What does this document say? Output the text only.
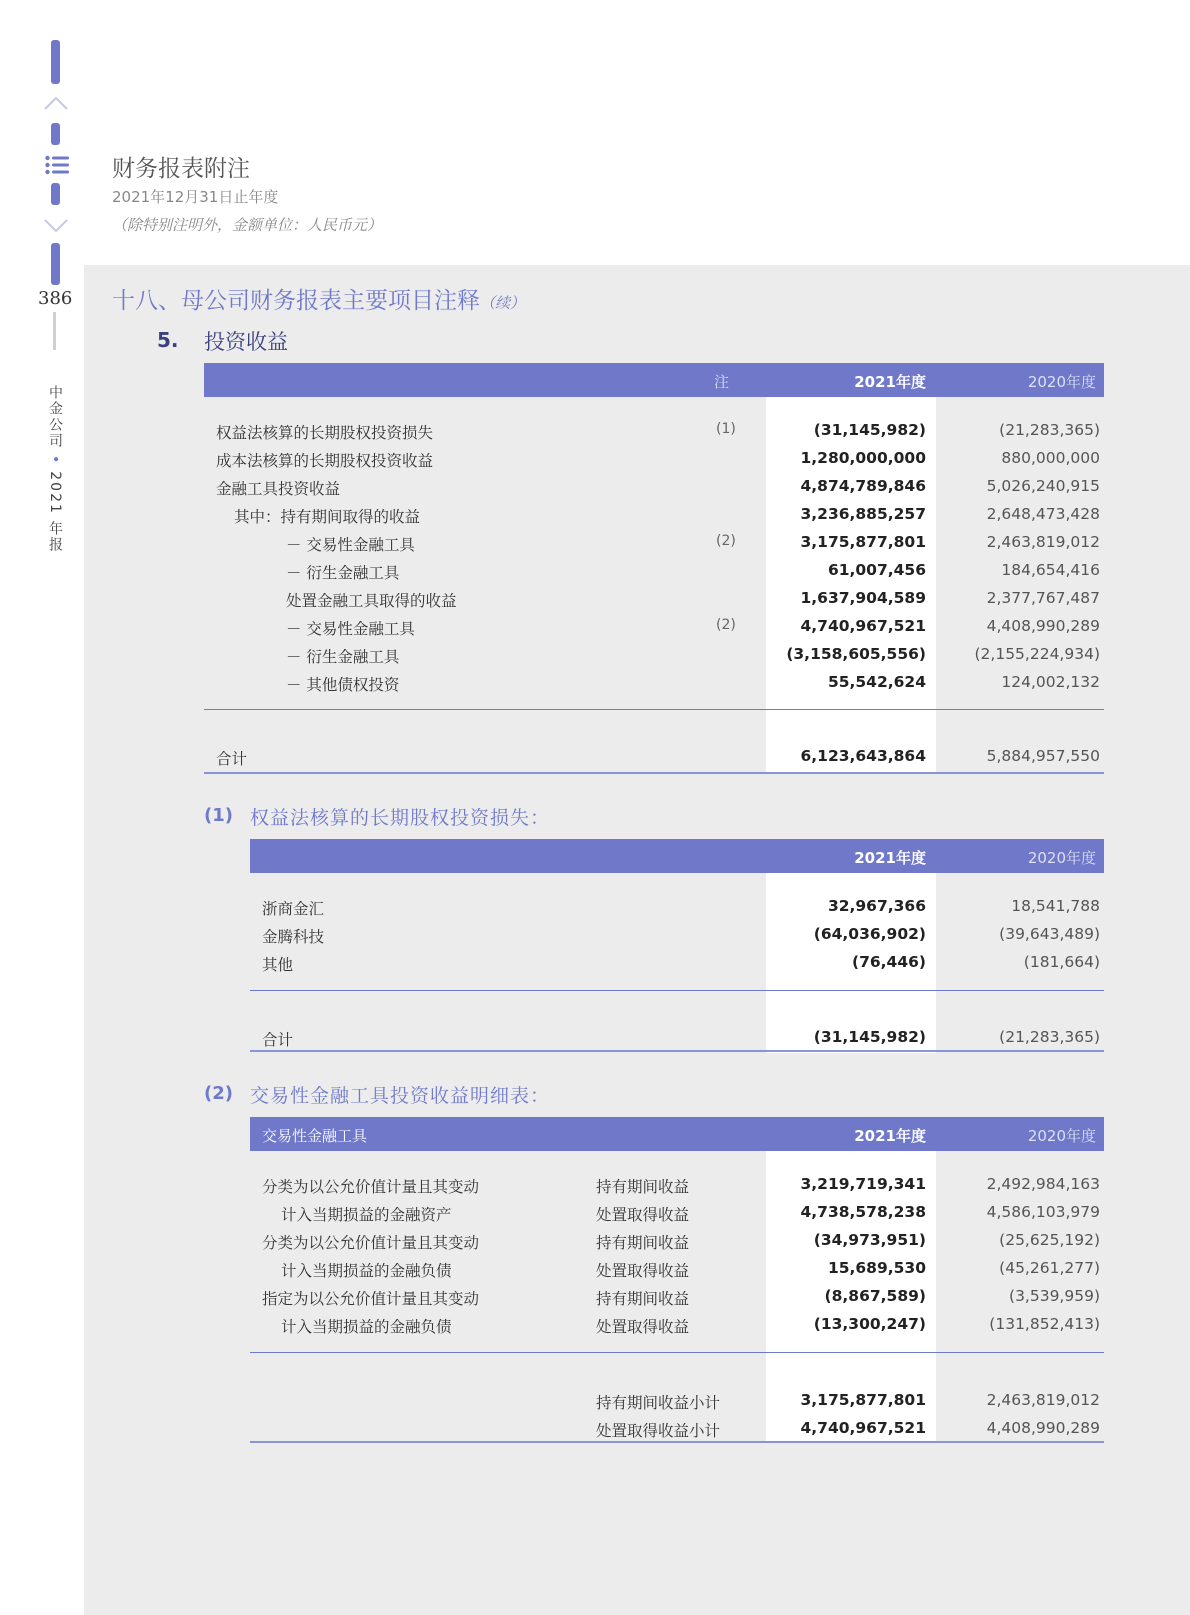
386
中金公司•2021 年报
财务报表附注
2021年12月31日止年度
（除特别注明外，金额单位：人民币元）
十八、母公司财务报表主要项目注释（续）
5. 投资收益
注	2021年度	2020年度
权益法核算的长期股权投资损失	(1)	(31,145,982)	(21,283,365)
成本法核算的长期股权投资收益	1,280,000,000	880,000,000
金融工具投资收益	4,874,789,846	5,026,240,915
其中：持有期间取得的收益	3,236,885,257	2,648,473,428
－ 交易性金融工具	(2)	3,175,877,801	2,463,819,012
－ 衍生金融工具	61,007,456	184,654,416
处置金融工具取得的收益	1,637,904,589	2,377,767,487
－ 交易性金融工具	(2)	4,740,967,521	4,408,990,289
－ 衍生金融工具	(3,158,605,556)	(2,155,224,934)
－ 其他债权投资	55,542,624	124,002,132
合计	6,123,643,864	5,884,957,550
(1) 权益法核算的长期股权投资损失：
2021年度	2020年度
浙商金汇	32,967,366	18,541,788
金腾科技	(64,036,902)	(39,643,489)
其他	(76,446)	(181,664)
合计	(31,145,982)	(21,283,365)
(2) 交易性金融工具投资收益明细表：
交易性金融工具	2021年度	2020年度
分类为以公允价值计量且其变动	持有期间收益	3,219,719,341	2,492,984,163
计入当期损益的金融资产	处置取得收益	4,738,578,238	4,586,103,979
分类为以公允价值计量且其变动	持有期间收益	(34,973,951)	(25,625,192)
计入当期损益的金融负债	处置取得收益	15,689,530	(45,261,277)
指定为以公允价值计量且其变动	持有期间收益	(8,867,589)	(3,539,959)
计入当期损益的金融负债	处置取得收益	(13,300,247)	(131,852,413)
持有期间收益小计	3,175,877,801	2,463,819,012
处置取得收益小计	4,740,967,521	4,408,990,289
